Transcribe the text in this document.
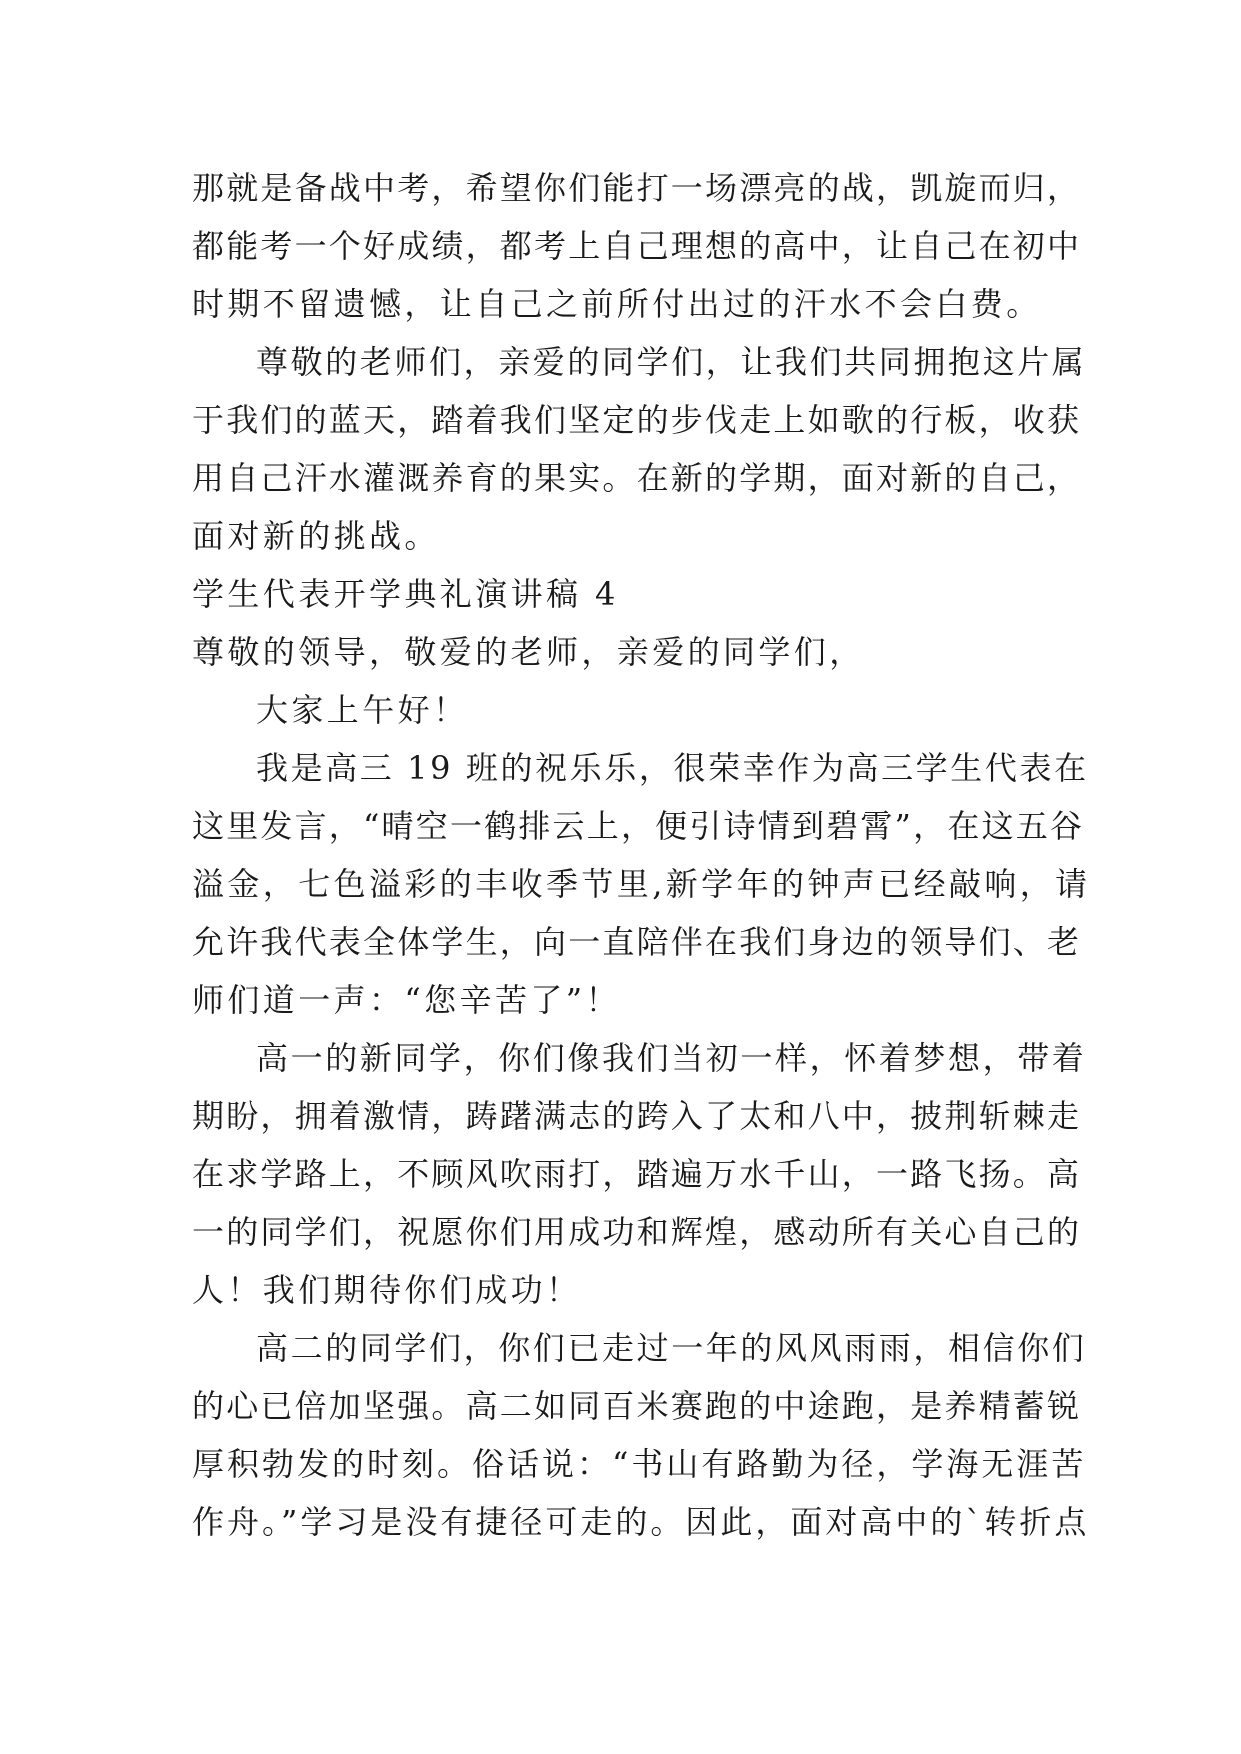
那就是备战中考，希望你们能打一场漂亮的战，凯旋而归，
都能考一个好成绩，都考上自己理想的高中，让自己在初中
时期不留遗憾，让自己之前所付出过的汗水不会白费。
尊敬的老师们，亲爱的同学们，让我们共同拥抱这片属
于我们的蓝天，踏着我们坚定的步伐走上如歌的行板，收获
用自己汗水灌溉养育的果实。在新的学期，面对新的自己，
面对新的挑战。
学生代表开学典礼演讲稿 4
尊敬的领导，敬爱的老师，亲爱的同学们，
大家上午好！
我是高三 19 班的祝乐乐，很荣幸作为高三学生代表在
这里发言，“晴空一鹤排云上，便引诗情到碧霄”，在这五谷
溢金，七色溢彩的丰收季节里,新学年的钟声已经敲响，请
允许我代表全体学生，向一直陪伴在我们身边的领导们、老
师们道一声：“您辛苦了”！
高一的新同学，你们像我们当初一样，怀着梦想，带着
期盼，拥着激情，踌躇满志的跨入了太和八中，披荆斩棘走
在求学路上，不顾风吹雨打，踏遍万水千山，一路飞扬。高
一的同学们，祝愿你们用成功和辉煌，感动所有关心自己的
人！我们期待你们成功！
高二的同学们，你们已走过一年的风风雨雨，相信你们
的心已倍加坚强。高二如同百米赛跑的中途跑，是养精蓄锐
厚积勃发的时刻。俗话说：“书山有路勤为径，学海无涯苦
作舟。”学习是没有捷径可走的。因此，面对高中的`转折点
